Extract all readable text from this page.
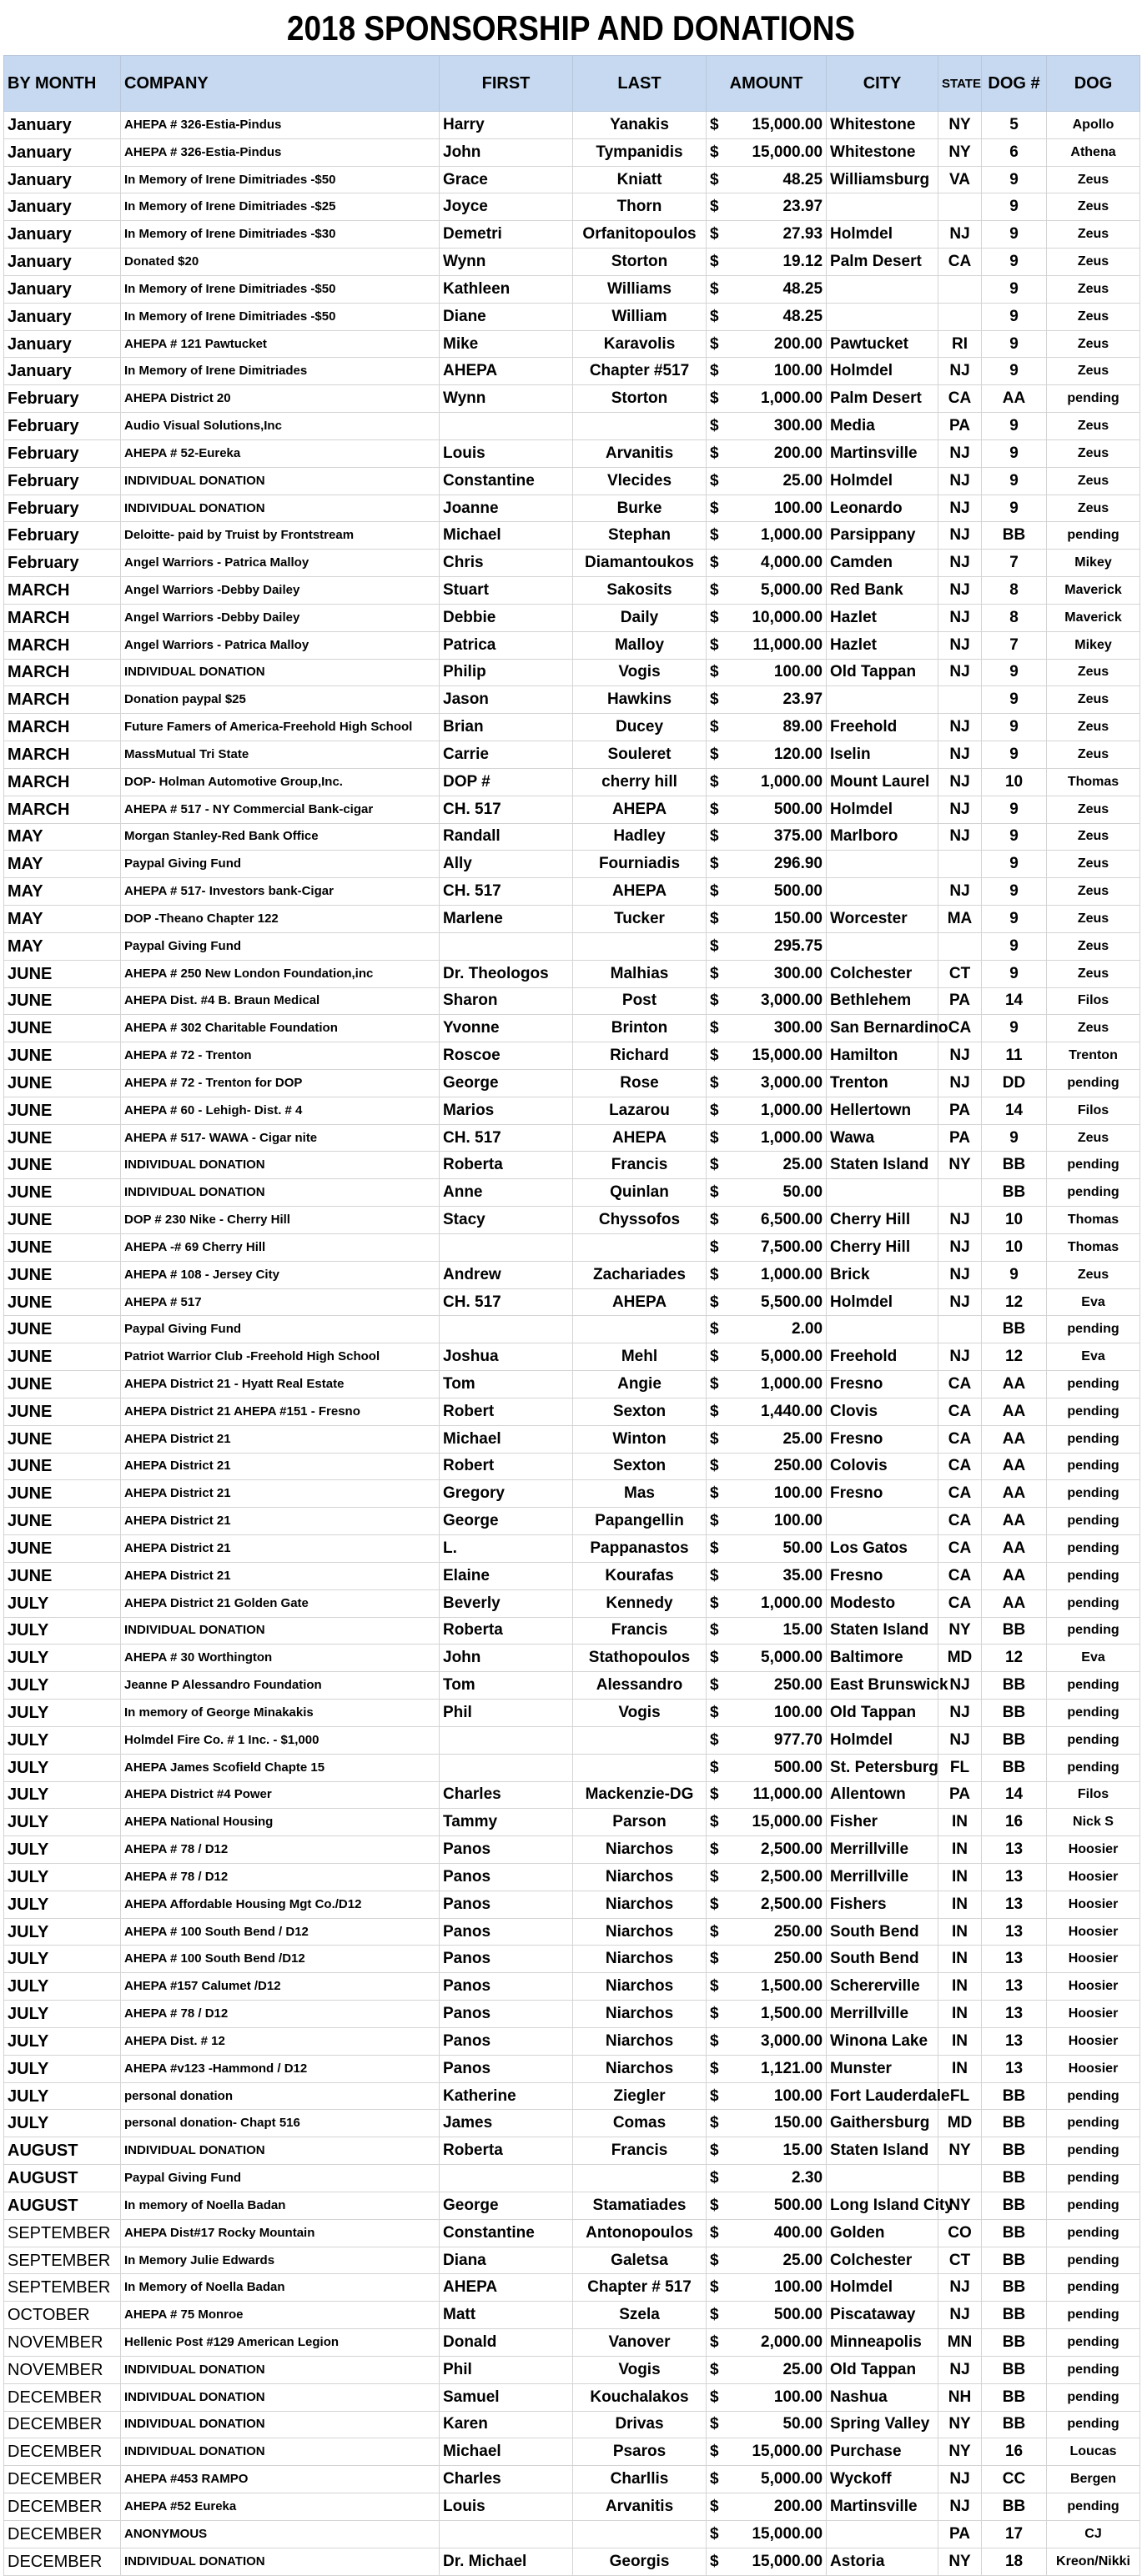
2018 SPONSORSHIP AND DONATIONS
BY MONTH	COMPANY	FIRST	LAST	AMOUNT		CITY	STATE	DOG #	DOG
January	AHEPA # 326-Estia-Pindus	Harry	Yanakis	$	15,000.00	Whitestone	NY	5	Apollo
January	AHEPA # 326-Estia-Pindus	John	Tympanidis	$	15,000.00	Whitestone	NY	6	Athena
January	In Memory of Irene Dimitriades -$50	Grace	Kniatt	$	48.25	Williamsburg	VA	9	Zeus
January	In Memory of Irene Dimitriades -$25	Joyce	Thorn	$	23.97			9	Zeus
January	In Memory of Irene Dimitriades -$30	Demetri	Orfanitopoulos	$	27.93	Holmdel	NJ	9	Zeus
January	Donated $20	Wynn	Storton	$	19.12	Palm Desert	CA	9	Zeus
January	In Memory of Irene Dimitriades -$50	Kathleen	Williams	$	48.25			9	Zeus
January	In Memory of Irene Dimitriades -$50	Diane	William	$	48.25			9	Zeus
January	AHEPA # 121 Pawtucket	Mike	Karavolis	$	200.00	Pawtucket	RI	9	Zeus
January	In Memory of Irene Dimitriades	AHEPA	Chapter #517	$	100.00	Holmdel	NJ	9	Zeus
February	AHEPA District 20	Wynn	Storton	$	1,000.00	Palm Desert	CA	AA	pending
February	Audio Visual Solutions,Inc			$	300.00	Media	PA	9	Zeus
February	AHEPA # 52-Eureka	Louis	Arvanitis	$	200.00	Martinsville	NJ	9	Zeus
February	INDIVIDUAL DONATION	Constantine	Vlecides	$	25.00	Holmdel	NJ	9	Zeus
February	INDIVIDUAL DONATION	Joanne	Burke	$	100.00	Leonardo	NJ	9	Zeus
February	Deloitte- paid by Truist by Frontstream	Michael	Stephan	$	1,000.00	Parsippany	NJ	BB	pending
February	Angel Warriors - Patrica Malloy	Chris	Diamantoukos	$	4,000.00	Camden	NJ	7	Mikey
MARCH	Angel Warriors -Debby Dailey	Stuart	Sakosits	$	5,000.00	Red Bank	NJ	8	Maverick
MARCH	Angel Warriors -Debby Dailey	Debbie	Daily	$	10,000.00	Hazlet	NJ	8	Maverick
MARCH	Angel Warriors - Patrica Malloy	Patrica	Malloy	$	11,000.00	Hazlet	NJ	7	Mikey
MARCH	INDIVIDUAL DONATION	Philip	Vogis	$	100.00	Old Tappan	NJ	9	Zeus
MARCH	Donation paypal $25	Jason	Hawkins	$	23.97			9	Zeus
MARCH	Future Famers of America-Freehold High School	Brian	Ducey	$	89.00	Freehold	NJ	9	Zeus
MARCH	MassMutual Tri State	Carrie	Souleret	$	120.00	Iselin	NJ	9	Zeus
MARCH	DOP- Holman Automotive Group,Inc.	DOP #	cherry hill	$	1,000.00	Mount Laurel	NJ	10	Thomas
MARCH	AHEPA # 517 - NY Commercial Bank-cigar	CH. 517	AHEPA	$	500.00	Holmdel	NJ	9	Zeus
MAY	Morgan Stanley-Red Bank Office	Randall	Hadley	$	375.00	Marlboro	NJ	9	Zeus
MAY	Paypal Giving Fund	Ally	Fourniadis	$	296.90			9	Zeus
MAY	AHEPA # 517- Investors bank-Cigar	CH. 517	AHEPA	$	500.00		NJ	9	Zeus
MAY	DOP -Theano Chapter 122	Marlene	Tucker	$	150.00	Worcester	MA	9	Zeus
MAY	Paypal Giving Fund			$	295.75			9	Zeus
JUNE	AHEPA # 250 New London Foundation,inc	Dr. Theologos	Malhias	$	300.00	Colchester	CT	9	Zeus
JUNE	AHEPA Dist. #4 B. Braun Medical	Sharon	Post	$	3,000.00	Bethlehem	PA	14	Filos
JUNE	AHEPA # 302 Charitable Foundation	Yvonne	Brinton	$	300.00	San Bernardino	CA	9	Zeus
JUNE	AHEPA # 72 - Trenton	Roscoe	Richard	$	15,000.00	Hamilton	NJ	11	Trenton
JUNE	AHEPA # 72 - Trenton for DOP	George	Rose	$	3,000.00	Trenton	NJ	DD	pending
JUNE	AHEPA # 60 - Lehigh- Dist. # 4	Marios	Lazarou	$	1,000.00	Hellertown	PA	14	Filos
JUNE	AHEPA # 517- WAWA - Cigar nite	CH. 517	AHEPA	$	1,000.00	Wawa	PA	9	Zeus
JUNE	INDIVIDUAL DONATION	Roberta	Francis	$	25.00	Staten Island	NY	BB	pending
JUNE	INDIVIDUAL DONATION	Anne	Quinlan	$	50.00			BB	pending
JUNE	DOP # 230 Nike - Cherry Hill	Stacy	Chyssofos	$	6,500.00	Cherry Hill	NJ	10	Thomas
JUNE	AHEPA -# 69 Cherry Hill			$	7,500.00	Cherry Hill	NJ	10	Thomas
JUNE	AHEPA # 108 - Jersey City	Andrew	Zachariades	$	1,000.00	Brick	NJ	9	Zeus
JUNE	AHEPA # 517	CH. 517	AHEPA	$	5,500.00	Holmdel	NJ	12	Eva
JUNE	Paypal Giving Fund			$	2.00			BB	pending
JUNE	Patriot Warrior Club -Freehold High School	Joshua	Mehl	$	5,000.00	Freehold	NJ	12	Eva
JUNE	AHEPA District 21 - Hyatt Real Estate	Tom	Angie	$	1,000.00	Fresno	CA	AA	pending
JUNE	AHEPA District 21 AHEPA #151 - Fresno	Robert	Sexton	$	1,440.00	Clovis	CA	AA	pending
JUNE	AHEPA District 21	Michael	Winton	$	25.00	Fresno	CA	AA	pending
JUNE	AHEPA District 21	Robert	Sexton	$	250.00	Colovis	CA	AA	pending
JUNE	AHEPA District 21	Gregory	Mas	$	100.00	Fresno	CA	AA	pending
JUNE	AHEPA District 21	George	Papangellin	$	100.00		CA	AA	pending
JUNE	AHEPA District 21	L.	Pappanastos	$	50.00	Los Gatos	CA	AA	pending
JUNE	AHEPA District 21	Elaine	Kourafas	$	35.00	Fresno	CA	AA	pending
JULY	AHEPA District 21 Golden Gate	Beverly	Kennedy	$	1,000.00	Modesto	CA	AA	pending
JULY	INDIVIDUAL DONATION	Roberta	Francis	$	15.00	Staten Island	NY	BB	pending
JULY	AHEPA # 30 Worthington	John	Stathopoulos	$	5,000.00	Baltimore	MD	12	Eva
JULY	Jeanne P Alessandro Foundation	Tom	Alessandro	$	250.00	East Brunswick	NJ	BB	pending
JULY	In memory of George Minakakis	Phil	Vogis	$	100.00	Old Tappan	NJ	BB	pending
JULY	Holmdel Fire Co. # 1 Inc. - $1,000			$	977.70	Holmdel	NJ	BB	pending
JULY	AHEPA James Scofield Chapte 15			$	500.00	St. Petersburg	FL	BB	pending
JULY	AHEPA District #4 Power	Charles	Mackenzie-DG	$	11,000.00	Allentown	PA	14	Filos
JULY	AHEPA National Housing	Tammy	Parson	$	15,000.00	Fisher	IN	16	Nick S
JULY	AHEPA # 78 / D12	Panos	Niarchos	$	2,500.00	Merrillville	IN	13	Hoosier
JULY	AHEPA # 78 / D12	Panos	Niarchos	$	2,500.00	Merrillville	IN	13	Hoosier
JULY	AHEPA Affordable Housing Mgt Co./D12	Panos	Niarchos	$	2,500.00	Fishers	IN	13	Hoosier
JULY	AHEPA # 100 South Bend / D12	Panos	Niarchos	$	250.00	South Bend	IN	13	Hoosier
JULY	AHEPA # 100 South Bend /D12	Panos	Niarchos	$	250.00	South Bend	IN	13	Hoosier
JULY	AHEPA #157 Calumet /D12	Panos	Niarchos	$	1,500.00	Schererville	IN	13	Hoosier
JULY	AHEPA # 78 / D12	Panos	Niarchos	$	1,500.00	Merrillville	IN	13	Hoosier
JULY	AHEPA Dist. # 12	Panos	Niarchos	$	3,000.00	Winona Lake	IN	13	Hoosier
JULY	AHEPA #v123 -Hammond / D12	Panos	Niarchos	$	1,121.00	Munster	IN	13	Hoosier
JULY	personal donation	Katherine	Ziegler	$	100.00	Fort Lauderdale	FL	BB	pending
JULY	personal donation- Chapt 516	James	Comas	$	150.00	Gaithersburg	MD	BB	pending
AUGUST	INDIVIDUAL DONATION	Roberta	Francis	$	15.00	Staten Island	NY	BB	pending
AUGUST	Paypal Giving Fund			$	2.30			BB	pending
AUGUST	In memory of Noella Badan	George	Stamatiades	$	500.00	Long Island City	NY	BB	pending
SEPTEMBER	AHEPA Dist#17 Rocky Mountain	Constantine	Antonopoulos	$	400.00	Golden	CO	BB	pending
SEPTEMBER	In Memory Julie Edwards	Diana	Galetsa	$	25.00	Colchester	CT	BB	pending
SEPTEMBER	In Memory of Noella Badan	AHEPA	Chapter # 517	$	100.00	Holmdel	NJ	BB	pending
OCTOBER	AHEPA # 75 Monroe	Matt	Szela	$	500.00	Piscataway	NJ	BB	pending
NOVEMBER	Hellenic Post #129 American Legion	Donald	Vanover	$	2,000.00	Minneapolis	MN	BB	pending
NOVEMBER	INDIVIDUAL DONATION	Phil	Vogis	$	25.00	Old Tappan	NJ	BB	pending
DECEMBER	INDIVIDUAL DONATION	Samuel	Kouchalakos	$	100.00	Nashua	NH	BB	pending
DECEMBER	INDIVIDUAL DONATION	Karen	Drivas	$	50.00	Spring Valley	NY	BB	pending
DECEMBER	INDIVIDUAL DONATION	Michael	Psaros	$	15,000.00	Purchase	NY	16	Loucas
DECEMBER	AHEPA #453 RAMPO	Charles	Charllis	$	5,000.00	Wyckoff	NJ	CC	Bergen
DECEMBER	AHEPA #52 Eureka	Louis	Arvanitis	$	200.00	Martinsville	NJ	BB	pending
DECEMBER	ANONYMOUS			$	15,000.00		PA	17	CJ
DECEMBER	INDIVIDUAL DONATION	Dr. Michael	Georgis	$	15,000.00	Astoria	NY	18	Kreon/Nikki
